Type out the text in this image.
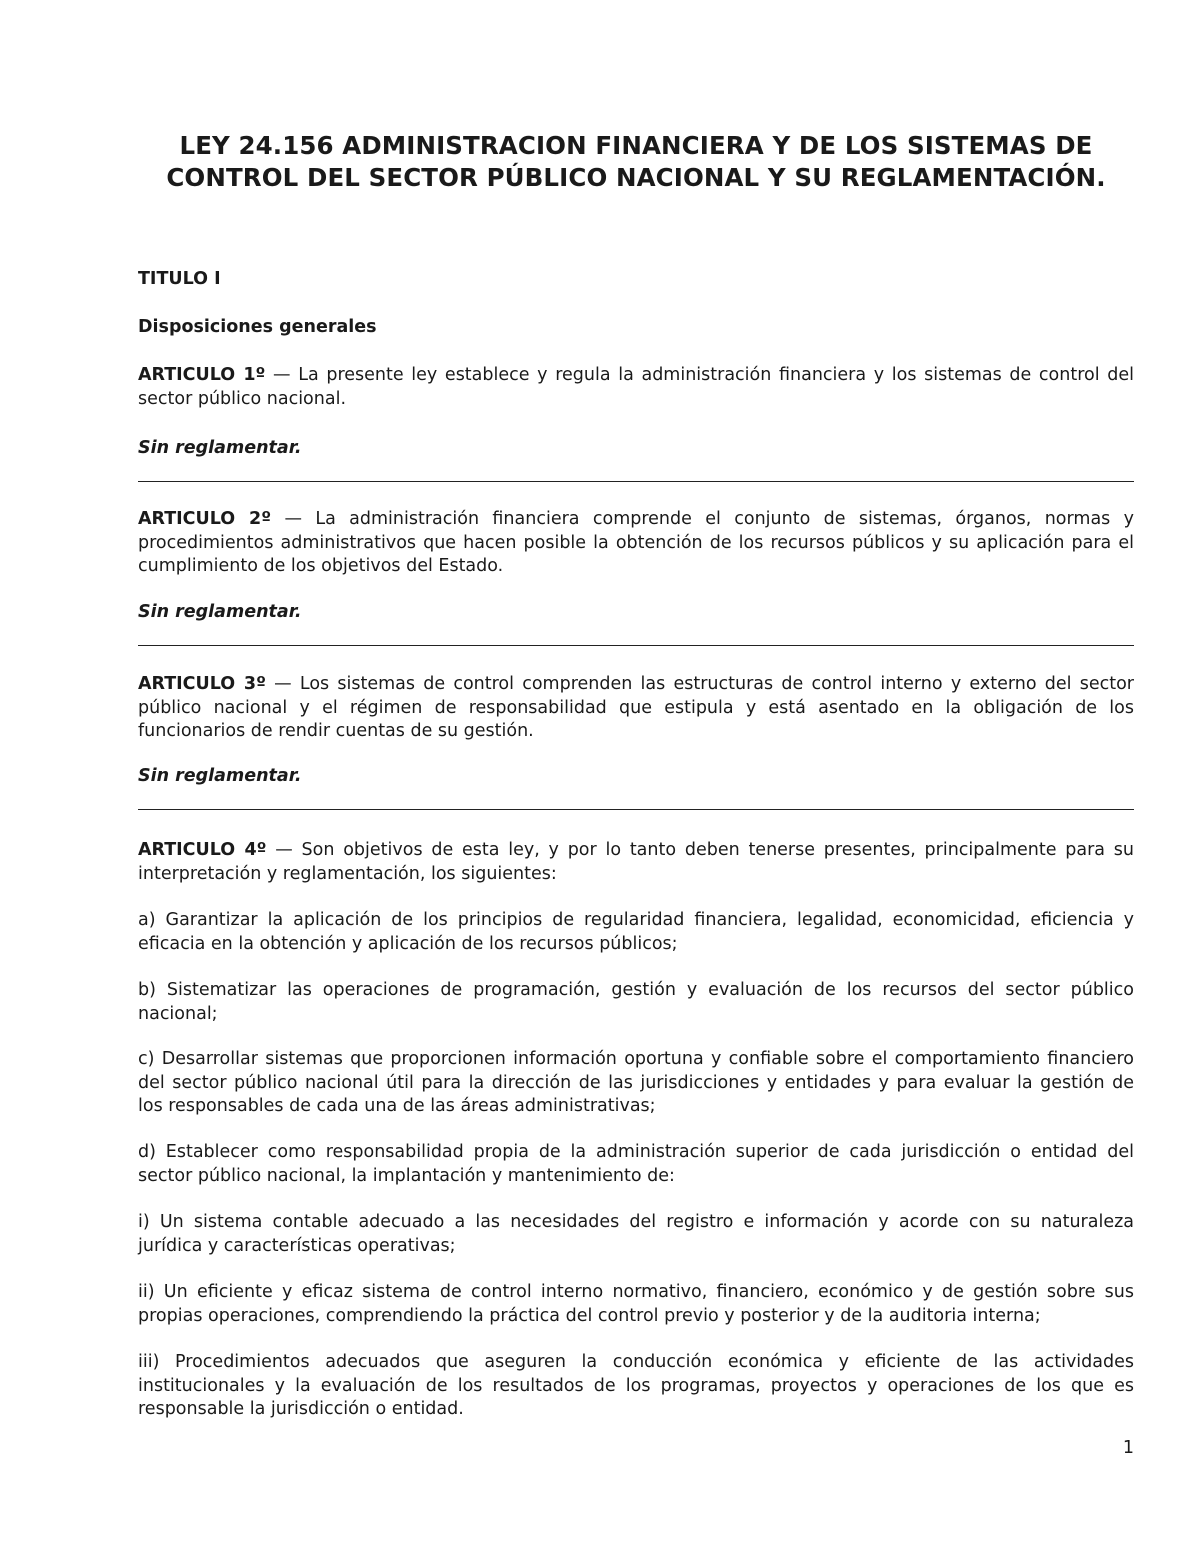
LEY 24.156 ADMINISTRACION FINANCIERA Y DE LOS SISTEMAS DE
CONTROL DEL SECTOR PÚBLICO NACIONAL Y SU REGLAMENTACIÓN.
TITULO I
Disposiciones generales
ARTICULO 1º — La presente ley establece y regula la administración financiera y los sistemas de control del
sector público nacional.
Sin reglamentar.
ARTICULO 2º — La administración financiera comprende el conjunto de sistemas, órganos, normas y
procedimientos administrativos que hacen posible la obtención de los recursos públicos y su aplicación para el
cumplimiento de los objetivos del Estado.
Sin reglamentar.
ARTICULO 3º — Los sistemas de control comprenden las estructuras de control interno y externo del sector
público nacional y el régimen de responsabilidad que estipula y está asentado en la obligación de los
funcionarios de rendir cuentas de su gestión.
Sin reglamentar.
ARTICULO 4º — Son objetivos de esta ley, y por lo tanto deben tenerse presentes, principalmente para su
interpretación y reglamentación, los siguientes:
a) Garantizar la aplicación de los principios de regularidad financiera, legalidad, economicidad, eficiencia y
eficacia en la obtención y aplicación de los recursos públicos;
b) Sistematizar las operaciones de programación, gestión y evaluación de los recursos del sector público
nacional;
c) Desarrollar sistemas que proporcionen información oportuna y confiable sobre el comportamiento financiero
del sector público nacional útil para la dirección de las jurisdicciones y entidades y para evaluar la gestión de
los responsables de cada una de las áreas administrativas;
d) Establecer como responsabilidad propia de la administración superior de cada jurisdicción o entidad del
sector público nacional, la implantación y mantenimiento de:
i) Un sistema contable adecuado a las necesidades del registro e información y acorde con su naturaleza
jurídica y características operativas;
ii) Un eficiente y eficaz sistema de control interno normativo, financiero, económico y de gestión sobre sus
propias operaciones, comprendiendo la práctica del control previo y posterior y de la auditoria interna;
iii) Procedimientos adecuados que aseguren la conducción económica y eficiente de las actividades
institucionales y la evaluación de los resultados de los programas, proyectos y operaciones de los que es
responsable la jurisdicción o entidad.
1
